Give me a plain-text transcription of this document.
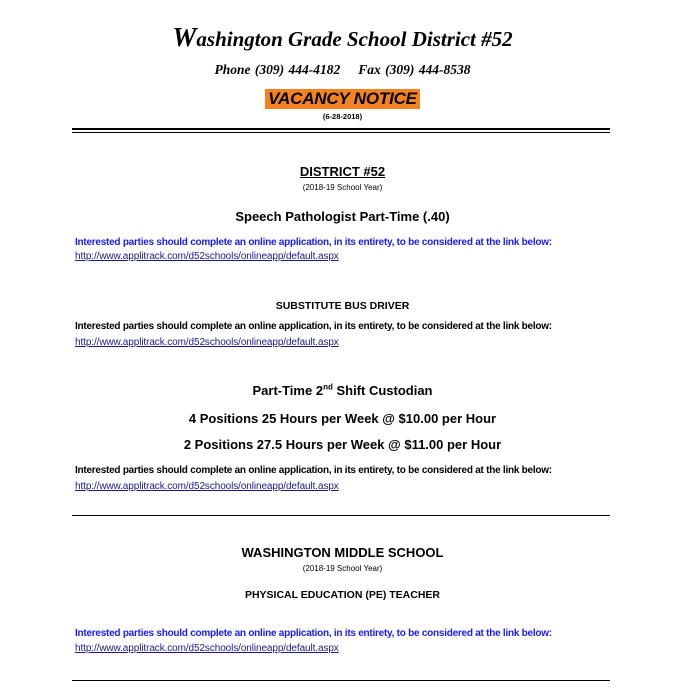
Washington Grade School District #52
Phone (309) 444-4182 Fax (309) 444-8538
VACANCY NOTICE
(6-28-2018)
DISTRICT #52
(2018-19 School Year)
Speech Pathologist Part-Time (.40)
Interested parties should complete an online application, in its entirety, to be considered at the link below:
http://www.applitrack.com/d52schools/onlineapp/default.aspx
SUBSTITUTE BUS DRIVER
Interested parties should complete an online application, in its entirety, to be considered at the link below:
http://www.applitrack.com/d52schools/onlineapp/default.aspx
Part-Time 2nd Shift Custodian
4 Positions 25 Hours per Week @ $10.00 per Hour
2 Positions 27.5 Hours per Week @ $11.00 per Hour
Interested parties should complete an online application, in its entirety, to be considered at the link below:
http://www.applitrack.com/d52schools/onlineapp/default.aspx
WASHINGTON MIDDLE SCHOOL
(2018-19 School Year)
PHYSICAL EDUCATION (PE) TEACHER
Interested parties should complete an online application, in its entirety, to be considered at the link below:
http://www.applitrack.com/d52schools/onlineapp/default.aspx
